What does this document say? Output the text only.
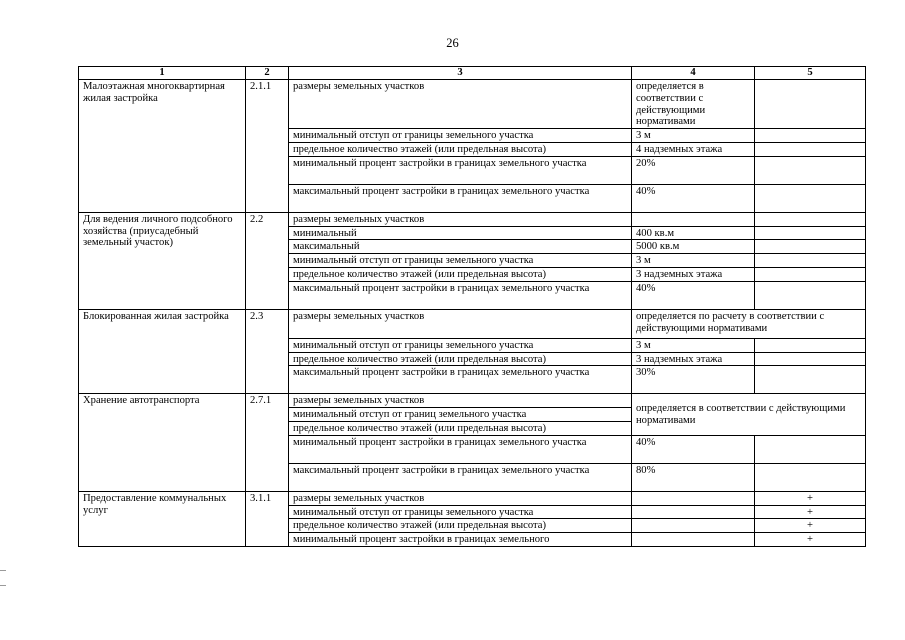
26
1	2	3	4	5
Малоэтажная многоквартирная жилая застройка	2.1.1	размеры земельных участков	определяется в соответствии с действующими нормативами	
		минимальный отступ от границы земельного участка	3 м	
		предельное количество этажей (или предельная высота)	4 надземных этажа	
		минимальный процент застройки в границах земельного участка	20%	
		максимальный процент застройки в границах земельного участка	40%	
Для ведения личного подсобного хозяйства (приусадебный земельный участок)	2.2	размеры земельных участков		
		минимальный	400 кв.м	
		максимальный	5000 кв.м	
		минимальный отступ от границы земельного участка	3 м	
		предельное количество этажей (или предельная высота)	3 надземных этажа	
		максимальный процент застройки в границах земельного участка	40%	
Блокированная жилая застройка	2.3	размеры земельных участков	определяется по расчету в соответствии с действующими нормативами	
		минимальный отступ от границы земельного участка	3 м	
		предельное количество этажей (или предельная высота)	3 надземных этажа	
		максимальный процент застройки в границах земельного участка	30%	
Хранение автотранспорта	2.7.1	размеры земельных участков	определяется в соответствии с действующими нормативами	
		минимальный отступ от границ земельного участка		
		предельное количество этажей (или предельная высота)		
		минимальный процент застройки в границах земельного участка	40%	
		максимальный процент застройки в границах земельного участка	80%	
Предоставление коммунальных услуг	3.1.1	размеры земельных участков		+
		минимальный отступ от границы земельного участка		+
		предельное количество этажей (или предельная высота)		+
		минимальный процент застройки в границах земельного		+
